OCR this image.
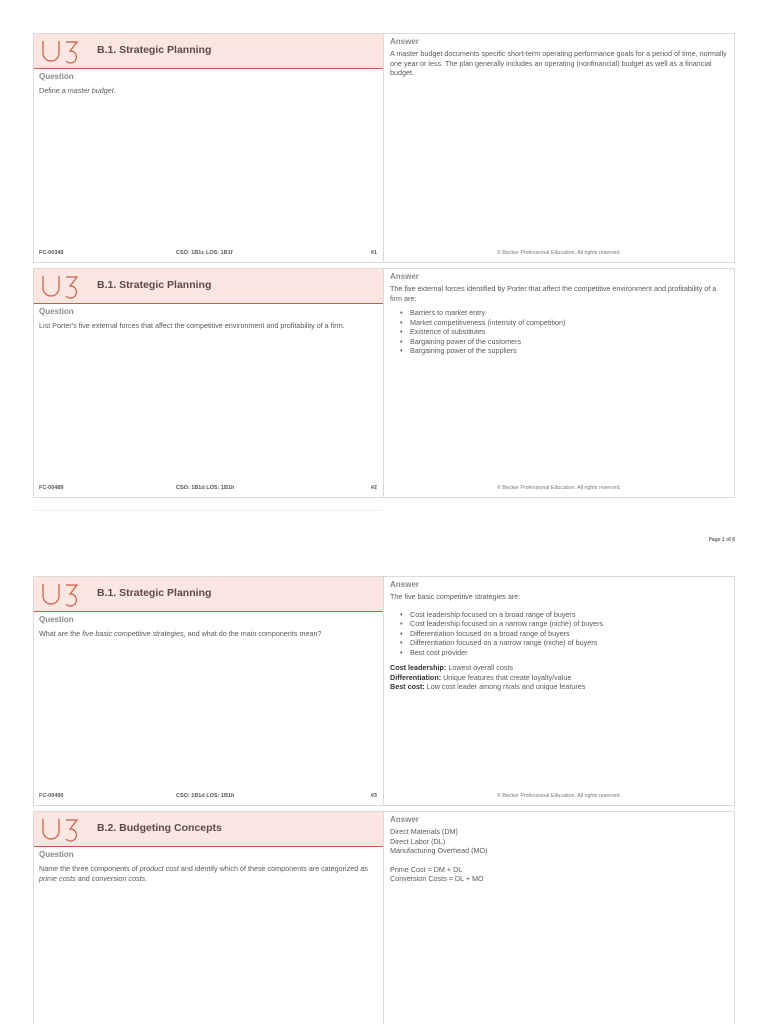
B.1. Strategic Planning
Question
Define a master budget.
FC-00349	CSO: 1B1c LOS: 1B1f	#1
Answer
A master budget documents specific short-term operating performance goals for a period of time, normally one year or less. The plan generally includes an operating (nonfinancial) budget as well as a financial budget.
© Becker Professional Education. All rights reserved.
B.1. Strategic Planning
Question
List Porter's five external forces that affect the competitive environment and profitability of a firm.
FC-00489	CSO: 1B1d LOS: 1B1h	#2
Answer
The five external forces identified by Porter that affect the competitive environment and profitability of a firm are:
• Barriers to market entry
• Market competitiveness (intensity of competition)
• Existence of substitutes
• Bargaining power of the customers
• Bargaining power of the suppliers
© Becker Professional Education. All rights reserved.
Page 1 of 6
B.1. Strategic Planning
Question
What are the five basic competitive strategies, and what do the main components mean?
FC-00490	CSO: 1B1d LOS: 1B1h	#3
Answer
The five basic competitive strategies are:
• Cost leadership focused on a broad range of buyers
• Cost leadership focused on a narrow range (niche) of buyers
• Differentiation focused on a broad range of buyers
• Differentiation focused on a narrow range (niche) of buyers
• Best cost provider
Cost leadership: Lowest overall costs
Differentiation: Unique features that create loyalty/value
Best cost: Low cost leader among rivals and unique features
© Becker Professional Education. All rights reserved.
B.2. Budgeting Concepts
Question
Name the three components of product cost and identify which of these components are categorized as prime costs and conversion costs.
Answer
Direct Materials (DM)
Direct Labor (DL)
Manufacturing Overhead (MO)
Prime Cost = DM + DL
Conversion Costs = DL + MO
